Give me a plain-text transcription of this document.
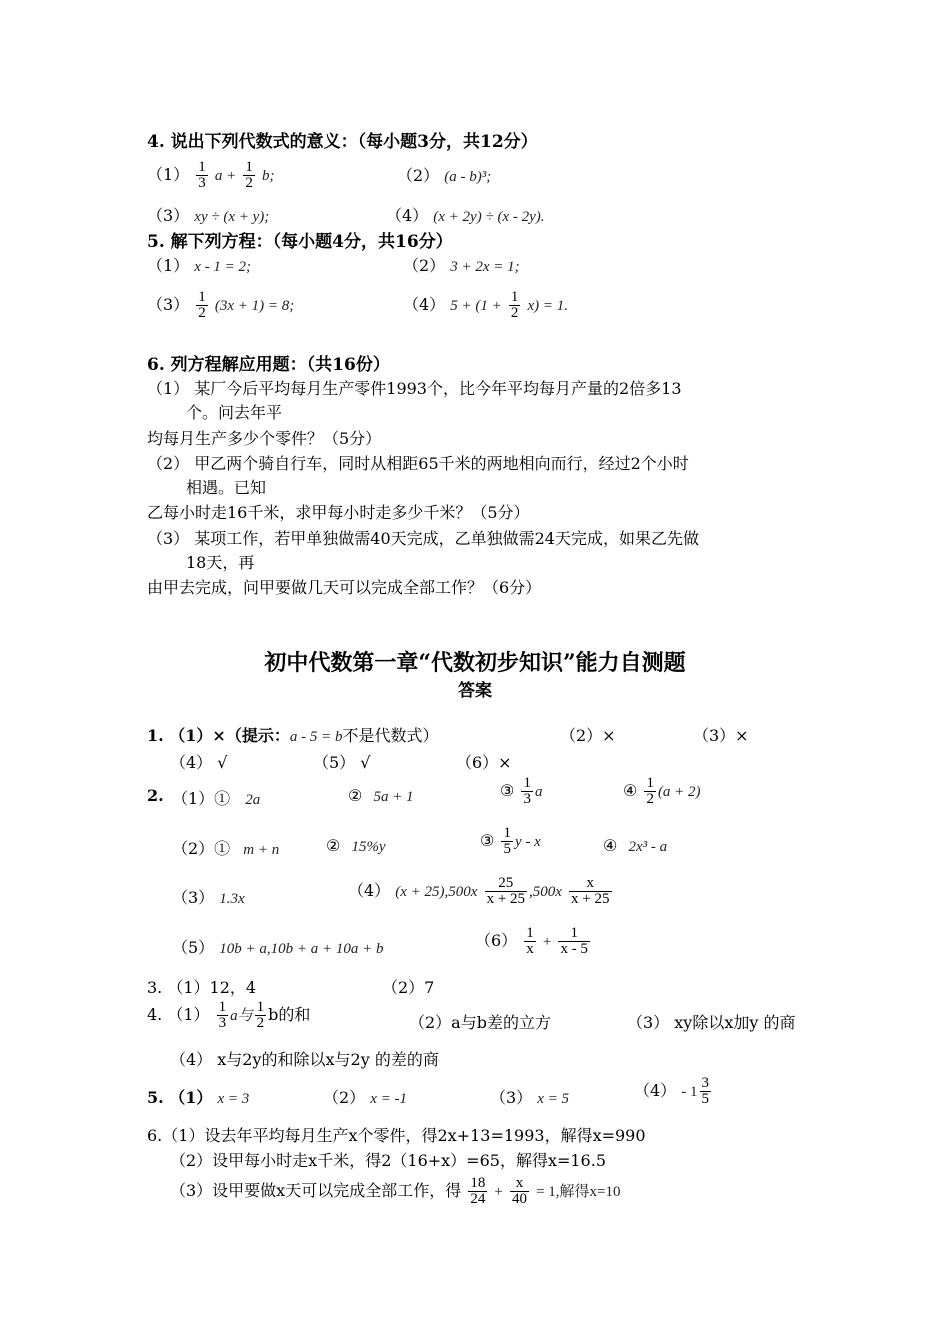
4. 说出下列代数式的意义：（每小题3分，共12分）
$(1) \frac{1}{3}$ $a + \frac{1}{2} b$;	（2） (a - b)³;
（3） xy ÷ (x + y);	（4） (x + 2y) ÷ (x - 2y).
5. 解下列方程：（每小题4分，共16分）
（1） x - 1 = 2;	（2） 3 + 2x = 1;
$(3) \frac{1}{2} (3x + 1) = 8$;	（4） $5 + (1 + \frac{1}{2} x) = 1$.
6. 列方程解应用题：（共16份）
（1） 某厂今后平均每月生产零件1993个，比今年平均每月产量的2倍多13
个。问去年平
均每月生产多少个零件？（5分）
（2） 甲乙两个骑自行车，同时从相距65千米的两地相向而行，经过2个小时
相遇。已知
乙每小时走16千米，求甲每小时走多少千米？（5分）
（3） 某项工作，若甲单独做需40天完成，乙单独做需24天完成，如果乙先做
18天，再
由甲去完成，问甲要做几天可以完成全部工作？（6分）
初中代数第一章“代数初步知识”能力自测题
答案
1. （1）×（提示：a - 5 = b不是代数式）	（2）×	（3）×
（4） √	（5） √	（6）×
2. （1）① 2a	② 5a + 1	③ $\frac{1}{3}$ a	④ $\frac{1}{2} (a + 2)$
（2）① m + n	② 15%y	③ $\frac{1}{5}$ y - x	④ 2x³ - a
（3） 1.3x	（4） $(x + 25),500x \frac{25}{x + 25} ,500x \frac{x}{x + 25}$
（5） 10b + a,10b + a + 10a + b	$(6) \frac{1}{x} + \frac{1}{x - 5}$
3. （1）12，4	（2）7
4. $(1) \frac{1}{3}$ a与 $\frac{1}{2}$ b的和	（2）a与b差的立方	（3） xy除以x加y 的商
（4） x与2y的和除以x与2y 的差的商
5. （1） x = 3	（2） x = -1	（3） x = 5	$(4) - 1 \frac{3}{5}$
6.（1）设去年平均每月生产x个零件，得2x+13=1993，解得x=990
（2）设甲每小时走x千米，得2（16+x）=65，解得x=16.5
（3）设甲要做x天可以完成全部工作，得 $\frac{18}{24} + \frac{x}{40} = 1$,解得x=10
